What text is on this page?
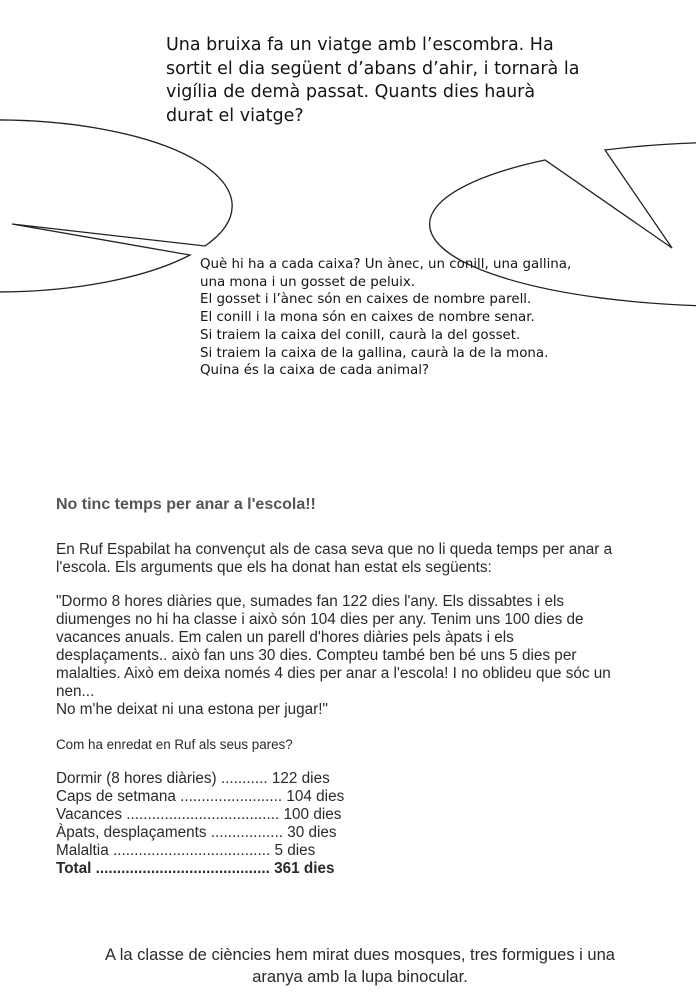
Una bruixa fa un viatge amb l’escombra. Ha
sortit el dia següent d’abans d’ahir, i tornarà la
vigília de demà passat. Quants dies haurà
durat el viatge?
Què hi ha a cada caixa? Un ànec, un conill, una gallina,
una mona i un gosset de peluix.
El gosset i l’ànec són en caixes de nombre parell.
El conill i la mona són en caixes de nombre senar.
Si traiem la caixa del conill, caurà la del gosset.
Si traiem la caixa de la gallina, caurà la de la mona.
Quina és la caixa de cada animal?
No tinc temps per anar a l'escola!!
En Ruf Espabilat ha convençut als de casa seva que no li queda temps per anar a
l'escola. Els arguments que els ha donat han estat els següents:
"Dormo 8 hores diàries que, sumades fan 122 dies l'any. Els dissabtes i els
diumenges no hi ha classe i això són 104 dies per any. Tenim uns 100 dies de
vacances anuals. Em calen un parell d'hores diàries pels àpats i els
desplaçaments.. això fan uns 30 dies. Compteu també ben bé uns 5 dies per
malalties. Això em deixa només 4 dies per anar a l'escola! I no oblideu que sóc un
nen...
No m'he deixat ni una estona per jugar!"
Com ha enredat en Ruf als seus pares?
Dormir (8 hores diàries) ........... 122 dies
Caps de setmana ........................ 104 dies
Vacances .................................... 100 dies
Àpats, desplaçaments ................. 30 dies
Malaltia ..................................... 5 dies
Total ......................................... 361 dies
A la classe de ciències hem mirat dues mosques, tres formigues i una
aranya amb la lupa binocular.
